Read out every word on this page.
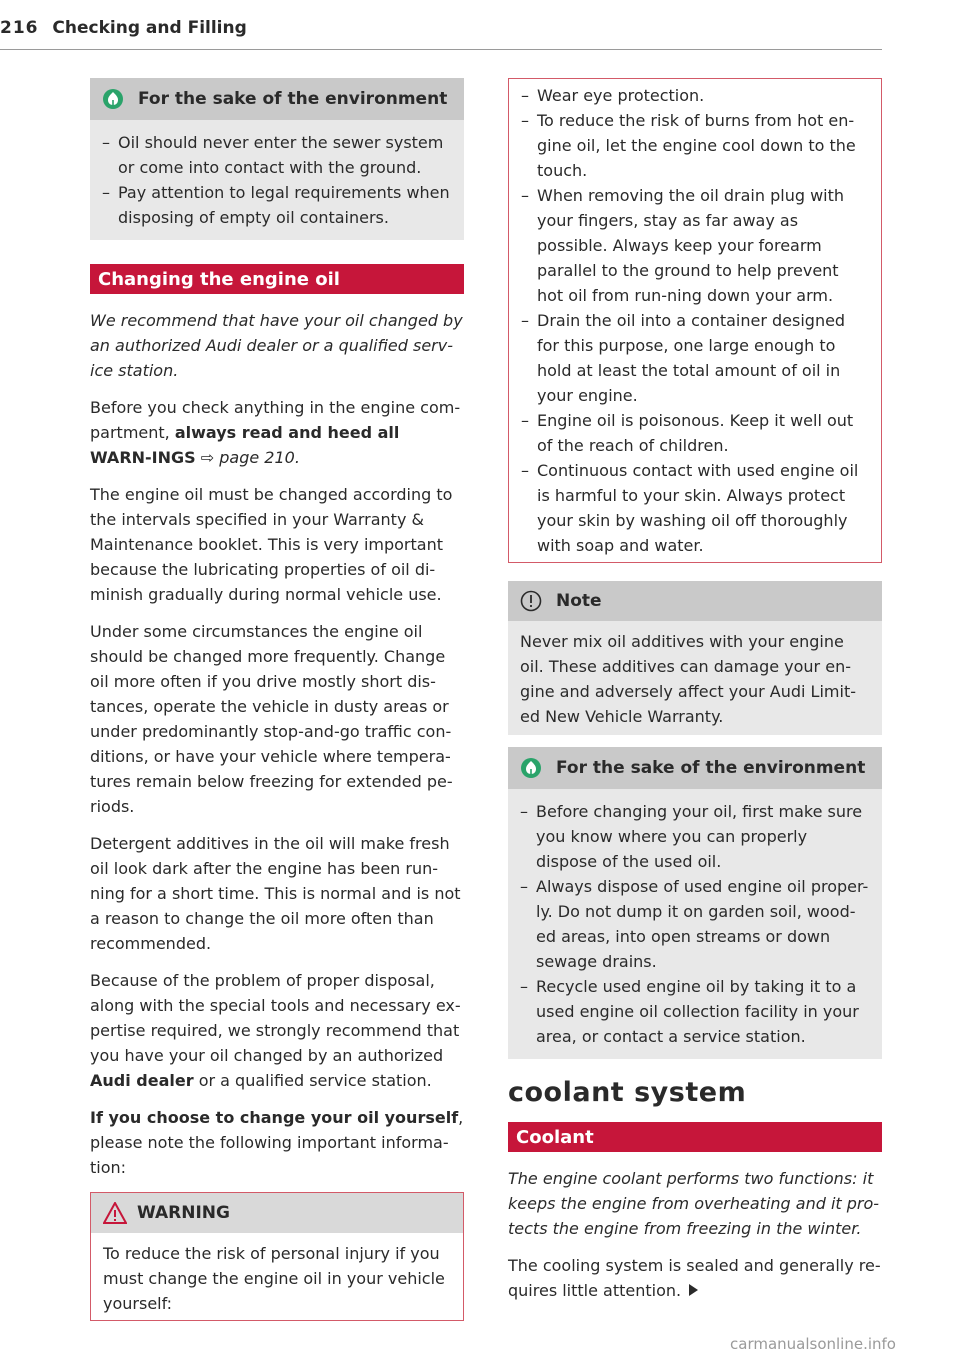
216 Checking and Filling
For the sake of the environment
– Oil should never enter the sewer system or come into contact with the ground.
– Pay attention to legal requirements when disposing of empty oil containers.
Changing the engine oil

We recommend that have your oil changed by an authorized Audi dealer or a qualified serv-ice station.

Before you check anything in the engine com-partment, always read and heed all WARN-INGS ⇨ page 210.

The engine oil must be changed according to the intervals specified in your Warranty & Maintenance booklet. This is very important because the lubricating properties of oil di-minish gradually during normal vehicle use.

Under some circumstances the engine oil should be changed more frequently. Change oil more often if you drive mostly short dis-tances, operate the vehicle in dusty areas or under predominantly stop-and-go traffic con-ditions, or have your vehicle where tempera-tures remain below freezing for extended pe-riods.

Detergent additives in the oil will make fresh oil look dark after the engine has been run-ning for a short time. This is normal and is not a reason to change the oil more often than recommended.

Because of the problem of proper disposal, along with the special tools and necessary ex-pertise required, we strongly recommend that you have your oil changed by an authorized Audi dealer or a qualified service station.

If you choose to change your oil yourself, please note the following important informa-tion:

WARNING

To reduce the risk of personal injury if you must change the engine oil in your vehicle yourself:

– Wear eye protection.
– To reduce the risk of burns from hot en-gine oil, let the engine cool down to the touch.
– When removing the oil drain plug with your fingers, stay as far away as possible. Always keep your forearm parallel to the ground to help prevent hot oil from run-ning down your arm.
– Drain the oil into a container designed for this purpose, one large enough to hold at least the total amount of oil in your engine.
– Engine oil is poisonous. Keep it well out of the reach of children.
– Continuous contact with used engine oil is harmful to your skin. Always protect your skin by washing oil off thoroughly with soap and water.
Note

Never mix oil additives with your engine oil. These additives can damage your en-gine and adversely affect your Audi Limit-ed New Vehicle Warranty.

For the sake of the environment
– Before changing your oil, first make sure you know where you can properly dispose of the used oil.
– Always dispose of used engine oil proper-ly. Do not dump it on garden soil, wood-ed areas, into open streams or down sewage drains.
– Recycle used engine oil by taking it to a used engine oil collection facility in your area, or contact a service station.
coolant system
Coolant

The engine coolant performs two functions: it keeps the engine from overheating and it pro-tects the engine from freezing in the winter.

The cooling system is sealed and generally re-quires little attention.

carmanualsonline.info
